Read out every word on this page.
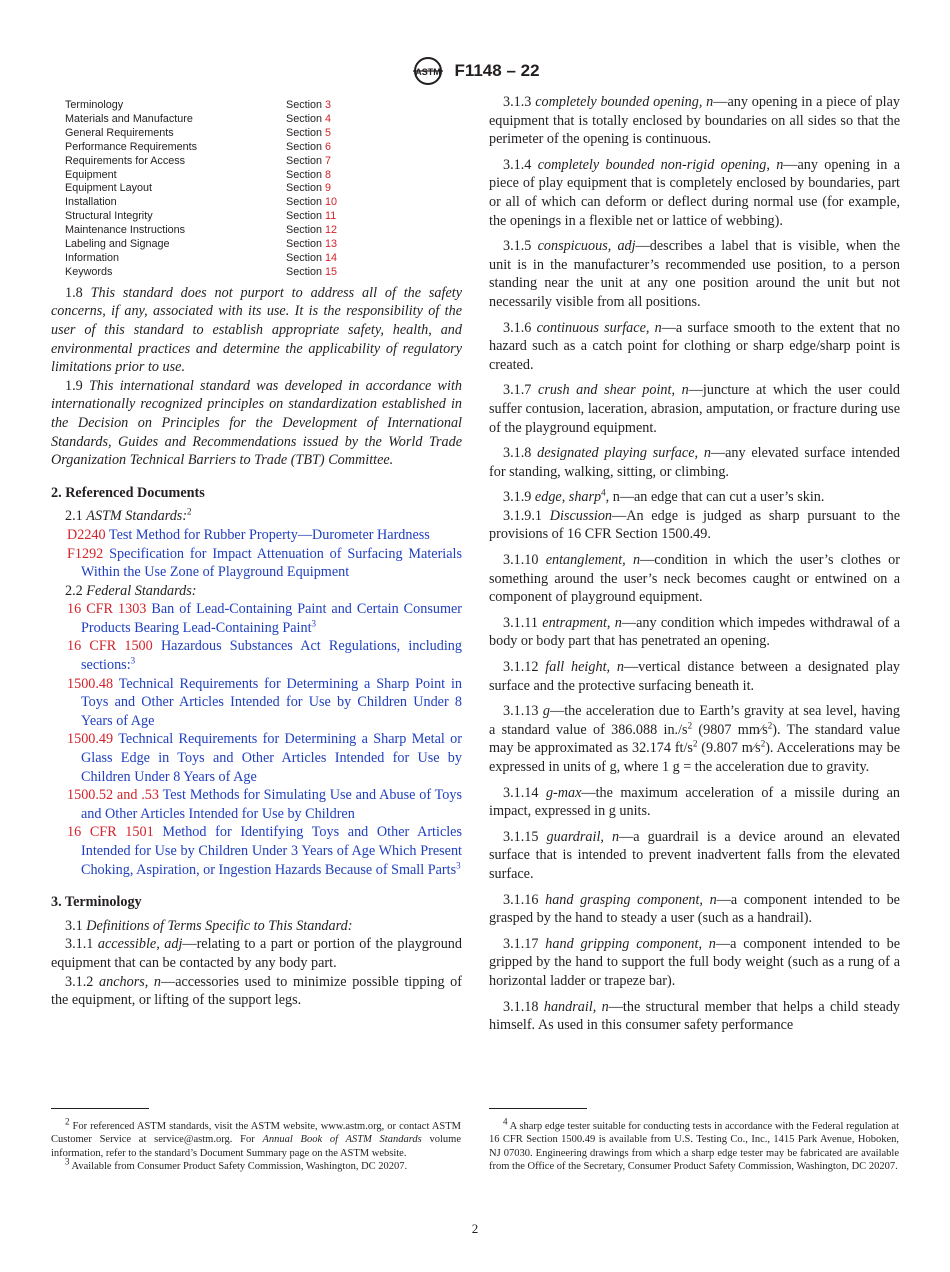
ASTM F1148 – 22
Terminology	Section 3
Materials and Manufacture	Section 4
General Requirements	Section 5
Performance Requirements	Section 6
Requirements for Access	Section 7
Equipment	Section 8
Equipment Layout	Section 9
Installation	Section 10
Structural Integrity	Section 11
Maintenance Instructions	Section 12
Labeling and Signage	Section 13
Information	Section 14
Keywords	Section 15

1.8 This standard does not purport to address all of the safety concerns, if any, associated with its use. It is the responsibility of the user of this standard to establish appropriate safety, health, and environmental practices and determine the applicability of regulatory limitations prior to use.

1.9 This international standard was developed in accordance with internationally recognized principles on standardization established in the Decision on Principles for the Development of International Standards, Guides and Recommendations issued by the World Trade Organization Technical Barriers to Trade (TBT) Committee.

2. Referenced Documents

2.1 ASTM Standards:$^2$

D2240 Test Method for Rubber Property—Durometer Hardness

F1292 Specification for Impact Attenuation of Surfacing Materials Within the Use Zone of Playground Equipment

2.2 Federal Standards:

16 CFR 1303 Ban of Lead-Containing Paint and Certain Consumer Products Bearing Lead-Containing Paint$^3$

16 CFR 1500 Hazardous Substances Act Regulations, including sections:$^3$

1500.48 Technical Requirements for Determining a Sharp Point in Toys and Other Articles Intended for Use by Children Under 8 Years of Age

1500.49 Technical Requirements for Determining a Sharp Metal or Glass Edge in Toys and Other Articles Intended for Use by Children Under 8 Years of Age

1500.52 and .53 Test Methods for Simulating Use and Abuse of Toys and Other Articles Intended for Use by Children

16 CFR 1501 Method for Identifying Toys and Other Articles Intended for Use by Children Under 3 Years of Age Which Present Choking, Aspiration, or Ingestion Hazards Because of Small Parts$^3$

3. Terminology

3.1 Definitions of Terms Specific to This Standard:

3.1.1 accessible, adj—relating to a part or portion of the playground equipment that can be contacted by any body part.

3.1.2 anchors, n—accessories used to minimize possible tipping of the equipment, or lifting of the support legs.

3.1.3 completely bounded opening, n—any opening in a piece of play equipment that is totally enclosed by boundaries on all sides so that the perimeter of the opening is continuous.

3.1.4 completely bounded non-rigid opening, n—any opening in a piece of play equipment that is completely enclosed by boundaries, part or all of which can deform or deflect during normal use (for example, the openings in a flexible net or lattice of webbing).

3.1.5 conspicuous, adj—describes a label that is visible, when the unit is in the manufacturer’s recommended use position, to a person standing near the unit at any one position around the unit but not necessarily visible from all positions.

3.1.6 continuous surface, n—a surface smooth to the extent that no hazard such as a catch point for clothing or sharp edge/sharp point is created.

3.1.7 crush and shear point, n—juncture at which the user could suffer contusion, laceration, abrasion, amputation, or fracture during use of the playground equipment.

3.1.8 designated playing surface, n—any elevated surface intended for standing, walking, sitting, or climbing.

3.1.9 edge, sharp$^4$, n—an edge that can cut a user’s skin.

3.1.9.1 Discussion—An edge is judged as sharp pursuant to the provisions of 16 CFR Section 1500.49.

3.1.10 entanglement, n—condition in which the user’s clothes or something around the user’s neck becomes caught or entwined on a component of playground equipment.

3.1.11 entrapment, n—any condition which impedes withdrawal of a body or body part that has penetrated an opening.

3.1.12 fall height, n—vertical distance between a designated play surface and the protective surfacing beneath it.

3.1.13 g—the acceleration due to Earth’s gravity at sea level, having a standard value of 386.088 $in./s^2$ (9807 $mm⁄s^2$). The standard value may be approximated as 32.174 $ft/s^2$ (9.807 $m⁄s^2$). Accelerations may be expressed in units of g, where 1 g = the acceleration due to gravity.

3.1.14 g-max—the maximum acceleration of a missile during an impact, expressed in g units.

3.1.15 guardrail, n—a guardrail is a device around an elevated surface that is intended to prevent inadvertent falls from the elevated surface.

3.1.16 hand grasping component, n—a component intended to be grasped by the hand to steady a user (such as a handrail).

3.1.17 hand gripping component, n—a component intended to be gripped by the hand to support the full body weight (such as a rung of a horizontal ladder or trapeze bar).

3.1.18 handrail, n—the structural member that helps a child steady himself. As used in this consumer safety performance

$^2$ For referenced ASTM standards, visit the ASTM website, www.astm.org, or contact ASTM Customer Service at service@astm.org. For Annual Book of ASTM Standards volume information, refer to the standard’s Document Summary page on the ASTM website.

$^3$ Available from Consumer Product Safety Commission, Washington, DC 20207.

$^4$ A sharp edge tester suitable for conducting tests in accordance with the Federal regulation at 16 CFR Section 1500.49 is available from U.S. Testing Co., Inc., 1415 Park Avenue, Hoboken, NJ 07030. Engineering drawings from which a sharp edge tester may be fabricated are available from the Office of the Secretary, Consumer Product Safety Commission, Washington, DC 20207.

2
